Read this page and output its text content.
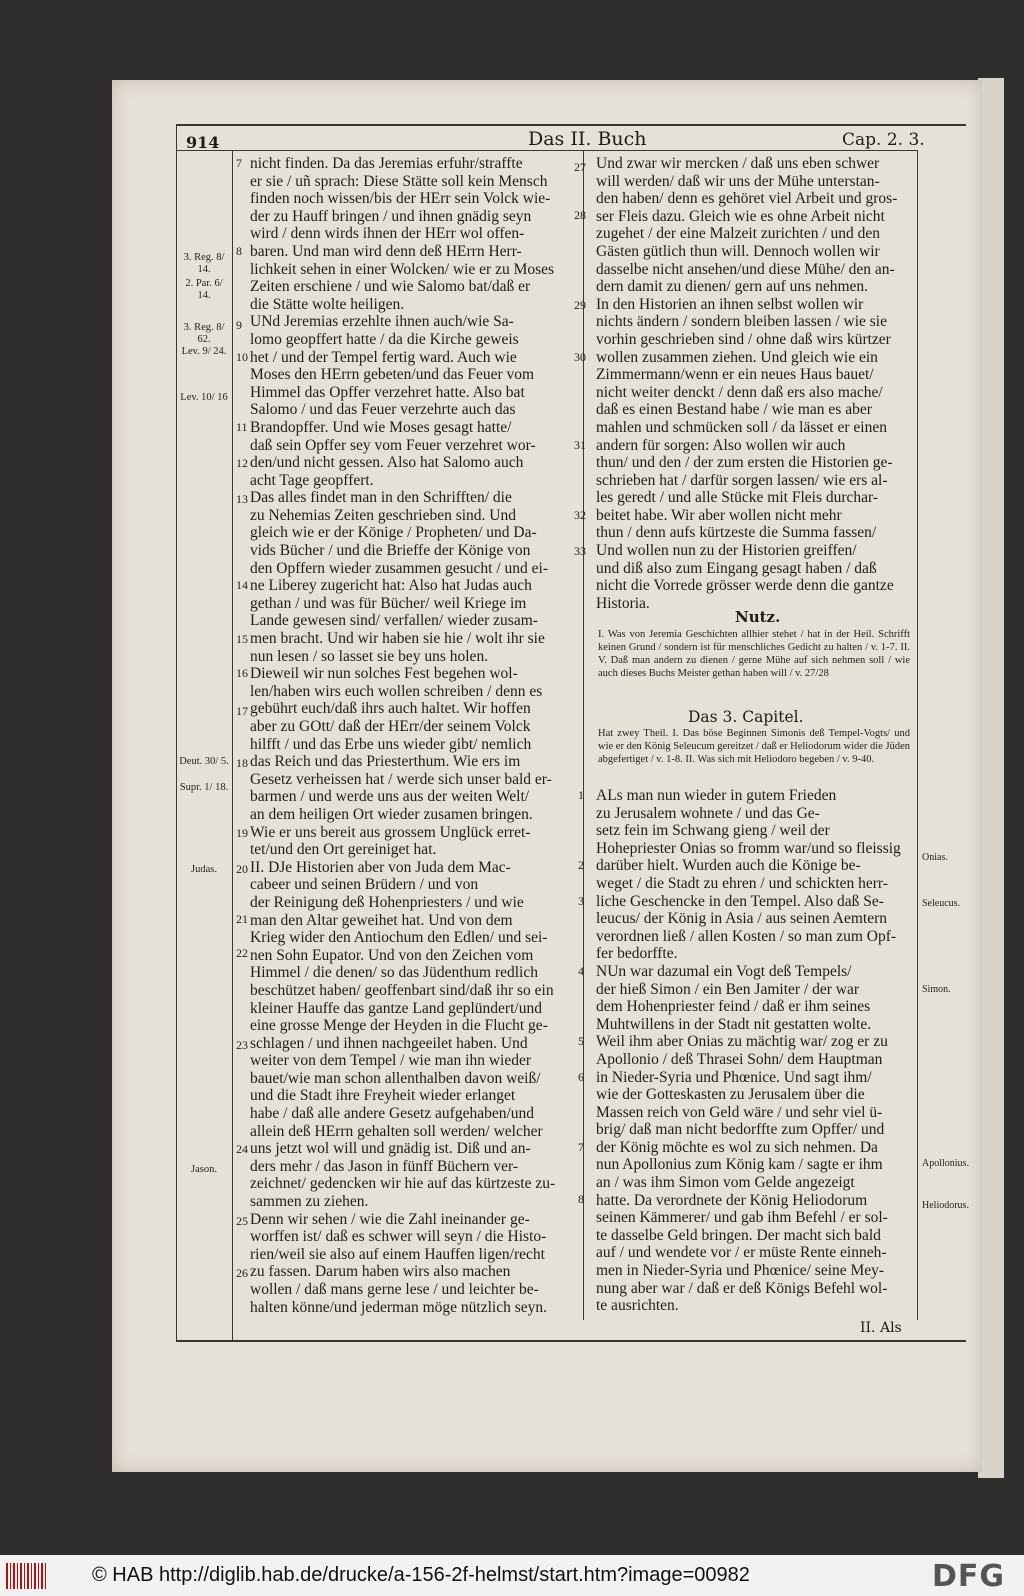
914	Das II. Buch	Cap. 2. 3.

nicht finden. Da das Jeremias erfuhr/straffte

er sie / uñ sprach: Diese Stätte soll kein Mensch

finden noch wissen/bis der HErr sein Volck wie-

der zu Hauff bringen / und ihnen gnädig seyn

wird / denn wirds ihnen der HErr wol offen-

baren. Und man wird denn deß HErrn Herr-

lichkeit sehen in einer Wolcken/ wie er zu Moses

Zeiten erschiene / und wie Salomo bat/daß er

die Stätte wolte heiligen.

UNd Jeremias erzehlte ihnen auch/wie Sa-

lomo geopffert hatte / da die Kirche geweis

het / und der Tempel fertig ward. Auch wie

Moses den HErrn gebeten/und das Feuer vom

Himmel das Opffer verzehret hatte. Also bat

Salomo / und das Feuer verzehrte auch das

Brandopffer. Und wie Moses gesagt hatte/

daß sein Opffer sey vom Feuer verzehret wor-

den/und nicht gessen. Also hat Salomo auch

acht Tage geopffert.

Das alles findet man in den Schrifften/ die

zu Nehemias Zeiten geschrieben sind. Und

gleich wie er der Könige / Propheten/ und Da-

vids Bücher / und die Brieffe der Könige von

den Opffern wieder zusammen gesucht / und ei-

ne Liberey zugericht hat: Also hat Judas auch

gethan / und was für Bücher/ weil Kriege im

Lande gewesen sind/ verfallen/ wieder zusam-

men bracht. Und wir haben sie hie / wolt ihr sie

nun lesen / so lasset sie bey uns holen.

Dieweil wir nun solches Fest begehen wol-

len/haben wirs euch wollen schreiben / denn es

gebührt euch/daß ihrs auch haltet. Wir hoffen

aber zu GOtt/ daß der HErr/der seinem Volck

hilfft / und das Erbe uns wieder gibt/ nemlich

das Reich und das Priesterthum. Wie ers im

Gesetz verheissen hat / werde sich unser bald er-

barmen / und werde uns aus der weiten Welt/

an dem heiligen Ort wieder zusamen bringen.

Wie er uns bereit aus grossem Unglück erret-

tet/und den Ort gereiniget hat.

II. DJe Historien aber von Juda dem Mac-

cabeer und seinen Brüdern / und von

der Reinigung deß Hohenpriesters / und wie

man den Altar geweihet hat. Und von dem

Krieg wider den Antiochum den Edlen/ und sei-

nen Sohn Eupator. Und von den Zeichen vom

Himmel / die denen/ so das Jüdenthum redlich

beschützet haben/ geoffenbart sind/daß ihr so ein

kleiner Hauffe das gantze Land geplündert/und

eine grosse Menge der Heyden in die Flucht ge-

schlagen / und ihnen nachgeeilet haben. Und

weiter von dem Tempel / wie man ihn wieder

bauet/wie man schon allenthalben davon weiß/

und die Stadt ihre Freyheit wieder erlanget

habe / daß alle andere Gesetz aufgehaben/und

allein deß HErrn gehalten soll werden/ welcher

uns jetzt wol will und gnädig ist. Diß und an-

ders mehr / das Jason in fünff Büchern ver-

zeichnet/ gedencken wir hie auf das kürtzeste zu-

sammen zu ziehen.

Denn wir sehen / wie die Zahl ineinander ge-

worffen ist/ daß es schwer will seyn / die Histo-

rien/weil sie also auf einem Hauffen ligen/recht

zu fassen. Darum haben wirs also machen

wollen / daß mans gerne lese / und leichter be-

halten könne/und jederman möge nützlich seyn.

Und zwar wir mercken / daß uns eben schwer

will werden/ daß wir uns der Mühe unterstan-

den haben/ denn es gehöret viel Arbeit und gros-

ser Fleis dazu. Gleich wie es ohne Arbeit nicht

zugehet / der eine Malzeit zurichten / und den

Gästen gütlich thun will. Dennoch wollen wir

dasselbe nicht ansehen/und diese Mühe/ den an-

dern damit zu dienen/ gern auf uns nehmen.

In den Historien an ihnen selbst wollen wir

nichts ändern / sondern bleiben lassen / wie sie

vorhin geschrieben sind / ohne daß wirs kürtzer

wollen zusammen ziehen. Und gleich wie ein

Zimmermann/wenn er ein neues Haus bauet/

nicht weiter denckt / denn daß ers also mache/

daß es einen Bestand habe / wie man es aber

mahlen und schmücken soll / da lässet er einen

andern für sorgen: Also wollen wir auch

thun/ und den / der zum ersten die Historien ge-

schrieben hat / darfür sorgen lassen/ wie ers al-

les geredt / und alle Stücke mit Fleis durchar-

beitet habe. Wir aber wollen nicht mehr

thun / denn aufs kürtzeste die Summa fassen/

Und wollen nun zu der Historien greiffen/

und diß also zum Eingang gesagt haben / daß

nicht die Vorrede grösser werde denn die gantze

Historia.

Nutz.
I. Was von Jeremia Geschichten allhier stehet / hat in der Heil. Schrifft keinen Grund / sondern ist für menschliches Gedicht zu halten / v. 1-7. II. V. Daß man andern zu dienen / gerne Mühe auf sich nehmen soll / wie auch dieses Buchs Meister gethan haben will / v. 27/28
Das 3. Capitel.
Hat zwey Theil. I. Das böse Beginnen Simonis deß Tempel-Vogts/ und wie er den König Seleucum gereitzet / daß er Heliodorum wider die Jüden abgefertiget / v. 1-8. II. Was sich mit Heliodoro begeben / v. 9-40.

ALs man nun wieder in gutem Frieden

zu Jerusalem wohnete / und das Ge-

setz fein im Schwang gieng / weil der

Hohepriester Onias so fromm war/und so fleissig

darüber hielt. Wurden auch die Könige be-

weget / die Stadt zu ehren / und schickten herr-

liche Geschencke in den Tempel. Also daß Se-

leucus/ der König in Asia / aus seinen Aemtern

verordnen ließ / allen Kosten / so man zum Opf-

fer bedorffte.

NUn war dazumal ein Vogt deß Tempels/

der hieß Simon / ein Ben Jamiter / der war

dem Hohenpriester feind / daß er ihm seines

Muhtwillens in der Stadt nit gestatten wolte.

Weil ihm aber Onias zu mächtig war/ zog er zu

Apollonio / deß Thrasei Sohn/ dem Hauptman

in Nieder-Syria und Phœnice. Und sagt ihm/

wie der Gotteskasten zu Jerusalem über die

Massen reich von Geld wäre / und sehr viel ü-

brig/ daß man nicht bedorffte zum Opffer/ und

der König möchte es wol zu sich nehmen. Da

nun Apollonius zum König kam / sagte er ihm

an / was ihm Simon vom Gelde angezeigt

hatte. Da verordnete der König Heliodorum

seinen Kämmerer/ und gab ihm Befehl / er sol-

te dasselbe Geld bringen. Der macht sich bald

auf / und wendete vor / er müste Rente einneh-

men in Nieder-Syria und Phœnice/ seine Mey-

nung aber war / daß er deß Königs Befehl wol-

te ausrichten.

7
8
9
10
11
12
13
14
15
16
17
18
19
20
21
22
23
24
25
26
27
28
29
30
31
32
33
1
2
3
4
5
6
7
8
3. Reg. 8/ 14.
2. Par. 6/ 14.
3. Reg. 8/ 62.
Lev. 9/ 24.
Lev. 10/ 16
Deut. 30/ 5.
Supr. 1/ 18.
Judas.
Jason.
Onias.
Seleucus.
Simon.
Apollonius.
Heliodorus.
II. Als
© HAB http://diglib.hab.de/drucke/a-156-2f-helmst/start.htm?image=00982	DFG
